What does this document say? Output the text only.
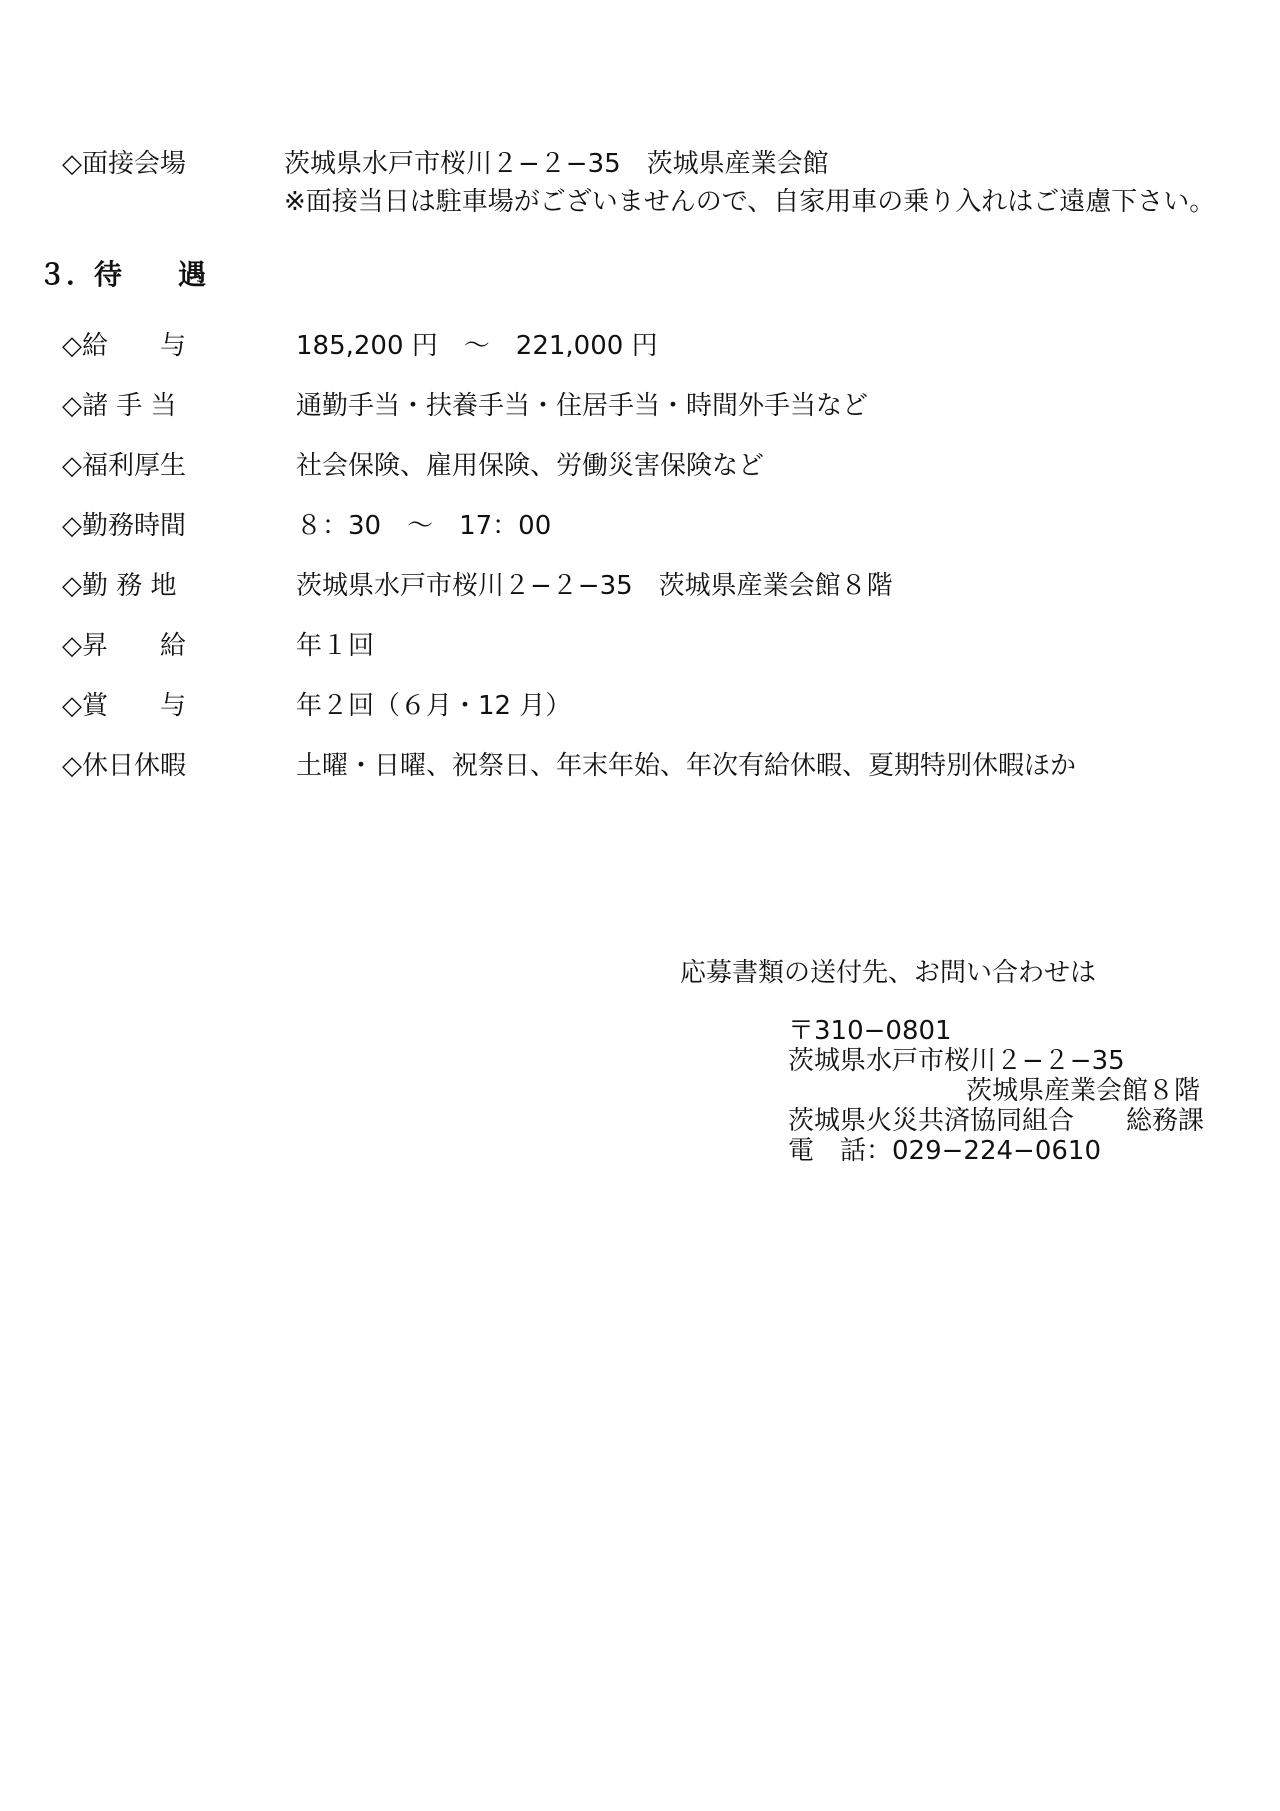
◇面接会場	茨城県水戸市桜川２−２−35　茨城県産業会館
※面接当日は駐車場がございませんので、自家用車の乗り入れはご遠慮下さい。
３．待　　遇
◇給　　与	185,200 円　～　221,000 円
◇諸 手 当	通勤手当・扶養手当・住居手当・時間外手当など
◇福利厚生	社会保険、雇用保険、労働災害保険など
◇勤務時間	８：30　～　17：00
◇勤 務 地	茨城県水戸市桜川２−２−35　茨城県産業会館８階
◇昇　　給	年１回
◇賞　　与	年２回（６月・12 月）
◇休日休暇	土曜・日曜、祝祭日、年末年始、年次有給休暇、夏期特別休暇ほか
応募書類の送付先、お問い合わせは
〒310−0801
茨城県水戸市桜川２−２−35
茨城県産業会館８階
茨城県火災共済協同組合　　総務課
電　話：029−224−0610
